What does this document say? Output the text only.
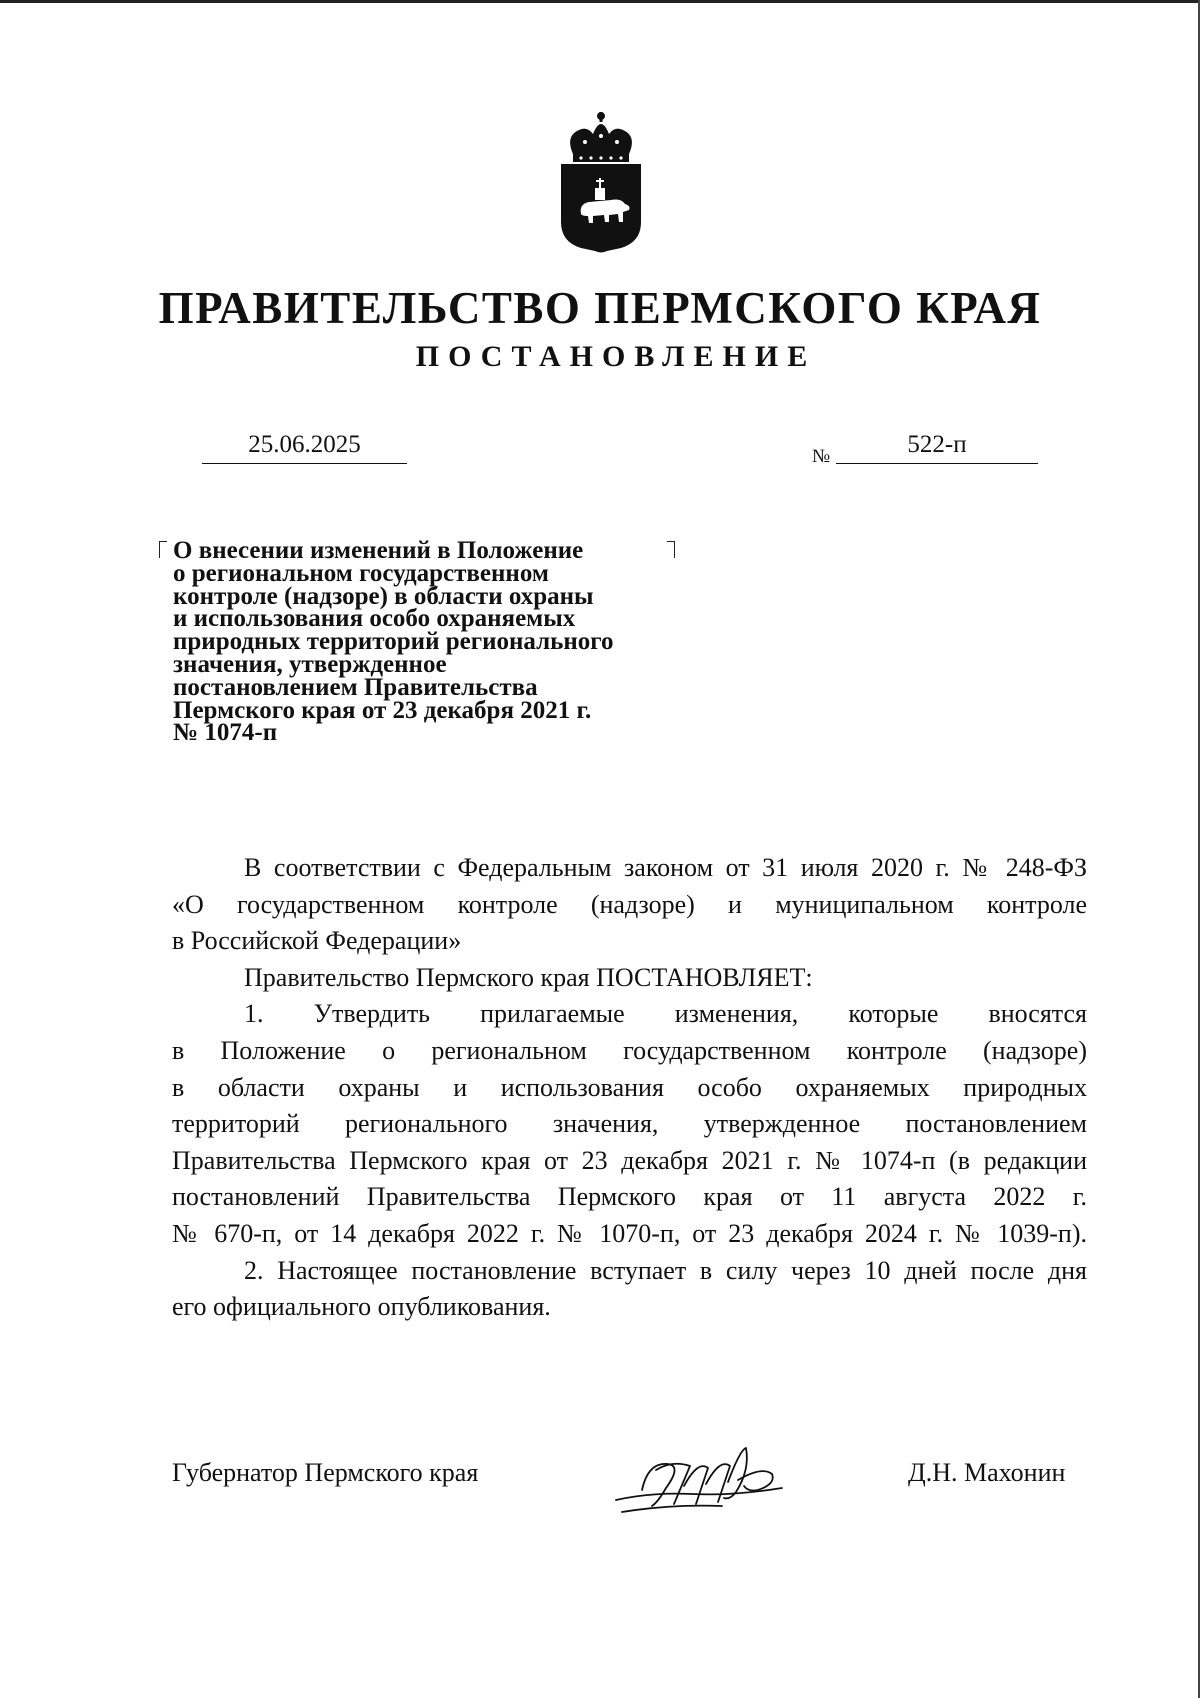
ПРАВИТЕЛЬСТВО ПЕРМСКОГО КРАЯ
ПОСТАНОВЛЕНИЕ
25.06.2025	№	522-п
О внесении изменений в Положение
о региональном государственном
контроле (надзоре) в области охраны
и использования особо охраняемых
природных территорий регионального
значения, утвержденное
постановлением Правительства
Пермского края от 23 декабря 2021 г.
№ 1074-п

В соответствии с Федеральным законом от 31 июля 2020 г. № 248-ФЗ

«О государственном контроле (надзоре) и муниципальном контроле

в Российской Федерации»

Правительство Пермского края ПОСТАНОВЛЯЕТ:

1. Утвердить прилагаемые изменения, которые вносятся

в Положение о региональном государственном контроле (надзоре)

в области охраны и использования особо охраняемых природных

территорий регионального значения, утвержденное постановлением

Правительства Пермского края от 23 декабря 2021 г. № 1074-п (в редакции

постановлений Правительства Пермского края от 11 августа 2022 г.

№ 670-п, от 14 декабря 2022 г. № 1070-п, от 23 декабря 2024 г. № 1039-п).

2. Настоящее постановление вступает в силу через 10 дней после дня

его официального опубликования.

Губернатор Пермского края	Д.Н. Махонин
